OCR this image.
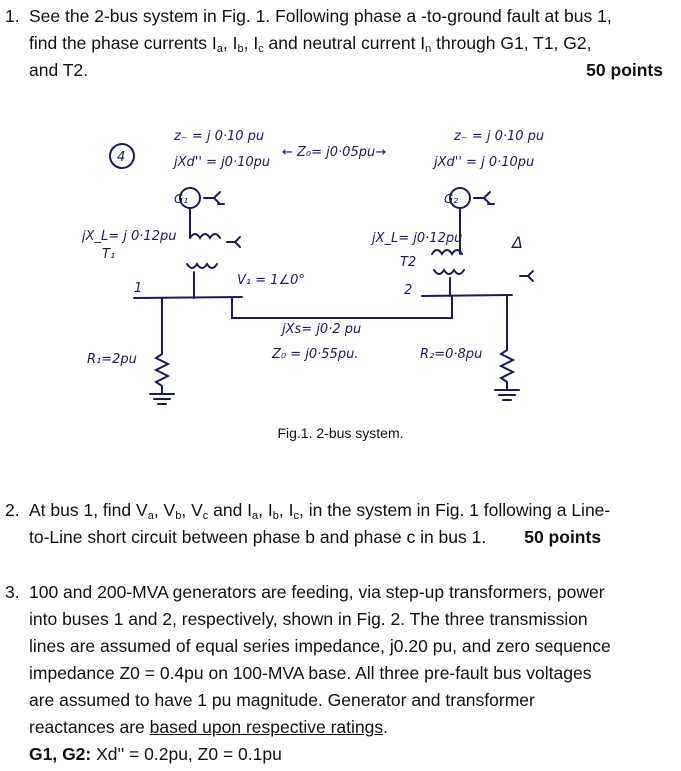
1. See the 2-bus system in Fig. 1. Following phase a -to-ground fault at bus 1,
find the phase currents $I_a$, $I_b$, $I_c$ and neutral current $I_n$ through G1, T1, G2,
and T2.	50 points
4
z₋ = j 0·10 pu
← Z₀= j0·05pu→
z₋ = j 0·10 pu
jXd'' = j0·10pu	jXd'' = j 0·10pu
G₁	G₂
jX_L= j 0·12pu
T₁
jX_L= j0·12pu
T2
Δ
V₁ = 1∠0°
1	2
jXs= j0·2 pu
Z₀ = j0·55pu.
R₁=2pu	R₂=0·8pu
Fig.1. 2-bus system.
2. At bus 1, find $V_a$, $V_b$, $V_c$ and $I_a$, $I_b$, $I_c$, in the system in Fig. 1 following a Line-
to-Line short circuit between phase b and phase c in bus 1. 50 points
3. 100 and 200-MVA generators are feeding, via step-up transformers, power
into buses 1 and 2, respectively, shown in Fig. 2. The three transmission
lines are assumed of equal series impedance, j0.20 pu, and zero sequence
impedance Z0 = 0.4pu on 100-MVA base. All three pre-fault bus voltages
are assumed to have 1 pu magnitude. Generator and transformer
reactances are based upon respective ratings.
G1, G2: Xd'' = 0.2pu, Z0 = 0.1pu
